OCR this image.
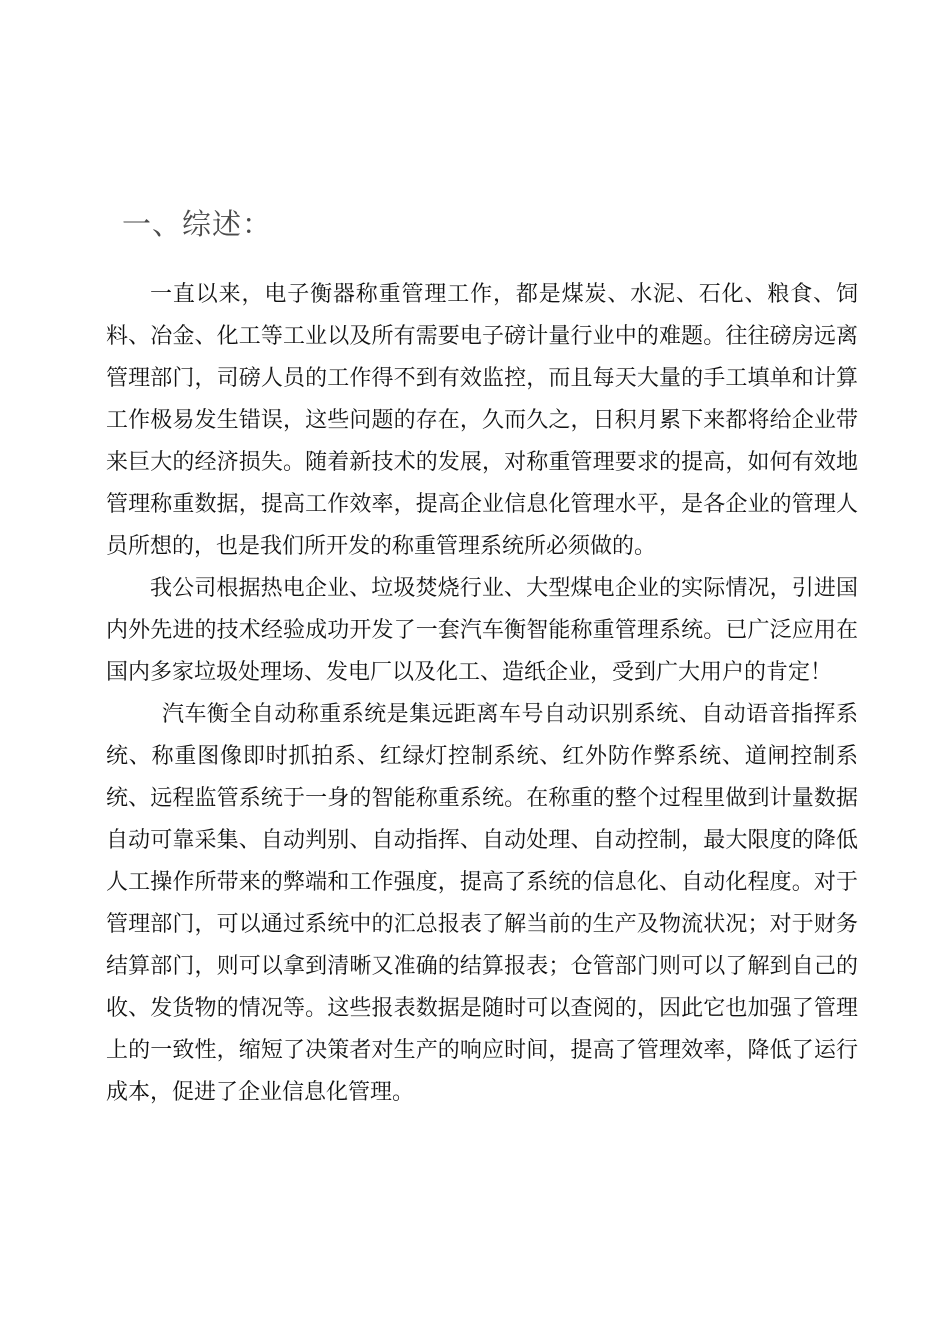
一、综述：

一直以来，电子衡器称重管理工作，都是煤炭、水泥、石化、粮食、饲料、冶金、化工等工业以及所有需要电子磅计量行业中的难题。往往磅房远离管理部门，司磅人员的工作得不到有效监控，而且每天大量的手工填单和计算工作极易发生错误，这些问题的存在，久而久之，日积月累下来都将给企业带来巨大的经济损失。随着新技术的发展，对称重管理要求的提高，如何有效地管理称重数据，提高工作效率，提高企业信息化管理水平，是各企业的管理人员所想的，也是我们所开发的称重管理系统所必须做的。

我公司根据热电企业、垃圾焚烧行业、大型煤电企业的实际情况，引进国内外先进的技术经验成功开发了一套汽车衡智能称重管理系统。已广泛应用在国内多家垃圾处理场、发电厂以及化工、造纸企业，受到广大用户的肯定！

汽车衡全自动称重系统是集远距离车号自动识别系统、自动语音指挥系统、称重图像即时抓拍系、红绿灯控制系统、红外防作弊系统、道闸控制系统、远程监管系统于一身的智能称重系统。在称重的整个过程里做到计量数据自动可靠采集、自动判别、自动指挥、自动处理、自动控制，最大限度的降低人工操作所带来的弊端和工作强度，提高了系统的信息化、自动化程度。对于管理部门，可以通过系统中的汇总报表了解当前的生产及物流状况；对于财务结算部门，则可以拿到清晰又准确的结算报表；仓管部门则可以了解到自己的收、发货物的情况等。这些报表数据是随时可以查阅的，因此它也加强了管理上的一致性，缩短了决策者对生产的响应时间，提高了管理效率，降低了运行成本，促进了企业信息化管理。
